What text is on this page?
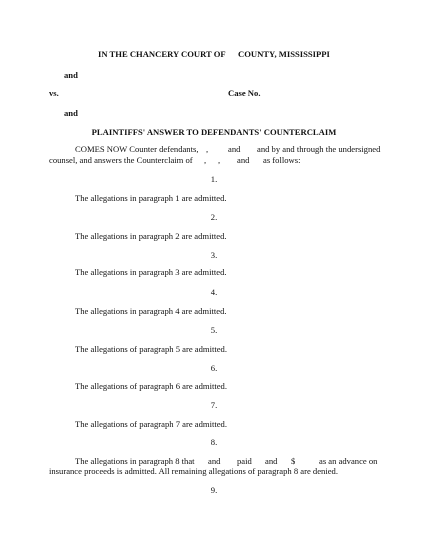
IN THE CHANCERY COURT OF COUNTY, MISSISSIPPI
and
vs.	Case No.
and
PLAINTIFFS' ANSWER TO DEFENDANTS' COUNTERCLAIM
COMES NOW Counter defendants, , and and by and through the undersigned
counsel, and answers the Counterclaim of , , and as follows:
1.
The allegations in paragraph 1 are admitted.
2.
The allegations in paragraph 2 are admitted.
3.
The allegations in paragraph 3 are admitted.
4.
The allegations in paragraph 4 are admitted.
5.
The allegations of paragraph 5 are admitted.
6.
The allegations of paragraph 6 are admitted.
7.
The allegations of paragraph 7 are admitted.
8.
The allegations in paragraph 8 that and paid and $	as an advance on
insurance proceeds is admitted. All remaining allegations of paragraph 8 are denied.
9.
